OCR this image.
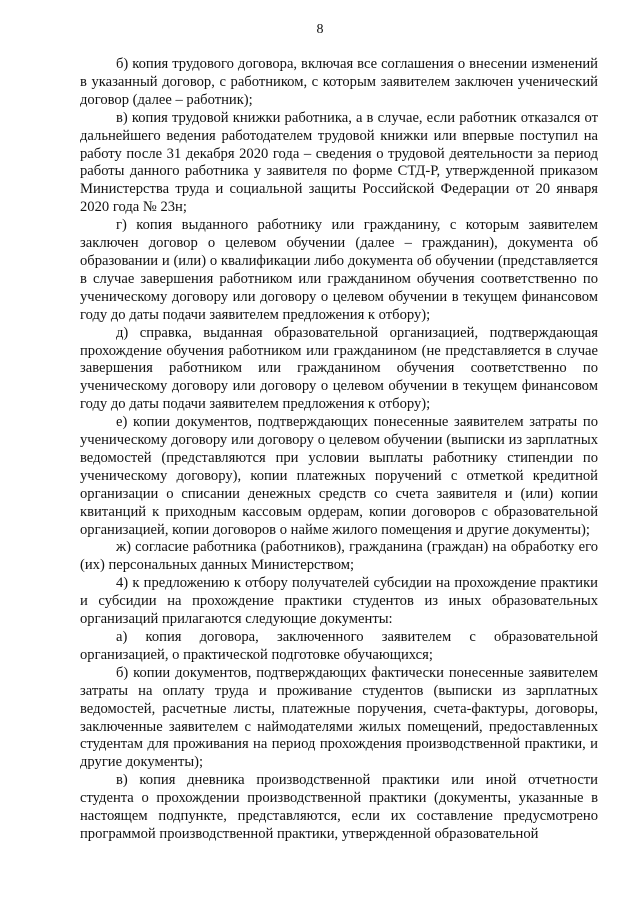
8

б) копия трудового договора, включая все соглашения о внесении изменений в указанный договор, с работником, с которым заявителем заключен ученический договор (далее – работник);

в) копия трудовой книжки работника, а в случае, если работник отказался от дальнейшего ведения работодателем трудовой книжки или впервые поступил на работу после 31 декабря 2020 года – сведения о трудовой деятельности за период работы данного работника у заявителя по форме СТД-Р, утвержденной приказом Министерства труда и социальной защиты Российской Федерации от 20 января 2020 года № 23н;

г) копия выданного работнику или гражданину, с которым заявителем заключен договор о целевом обучении (далее – гражданин), документа об образовании и (или) о квалификации либо документа об обучении (представляется в случае завершения работником или гражданином обучения соответственно по ученическому договору или договору о целевом обучении в текущем финансовом году до даты подачи заявителем предложения к отбору);

д) справка, выданная образовательной организацией, подтверждающая прохождение обучения работником или гражданином (не представляется в случае завершения работником или гражданином обучения соответственно по ученическому договору или договору о целевом обучении в текущем финансовом году до даты подачи заявителем предложения к отбору);

е) копии документов, подтверждающих понесенные заявителем затраты по ученическому договору или договору о целевом обучении (выписки из зарплатных ведомостей (представляются при условии выплаты работнику стипендии по ученическому договору), копии платежных поручений с отметкой кредитной организации о списании денежных средств со счета заявителя и (или) копии квитанций к приходным кассовым ордерам, копии договоров с образовательной организацией, копии договоров о найме жилого помещения и другие документы);

ж) согласие работника (работников), гражданина (граждан) на обработку его (их) персональных данных Министерством;

4) к предложению к отбору получателей субсидии на прохождение практики и субсидии на прохождение практики студентов из иных образовательных организаций прилагаются следующие документы:

а) копия договора, заключенного заявителем с образовательной организацией, о практической подготовке обучающихся;

б) копии документов, подтверждающих фактически понесенные заявителем затраты на оплату труда и проживание студентов (выписки из зарплатных ведомостей, расчетные листы, платежные поручения, счета-фактуры, договоры, заключенные заявителем с наймодателями жилых помещений, предоставленных студентам для проживания на период прохождения производственной практики, и другие документы);

в) копия дневника производственной практики или иной отчетности студента о прохождении производственной практики (документы, указанные в настоящем подпункте, представляются, если их составление предусмотрено программой производственной практики, утвержденной образовательной
